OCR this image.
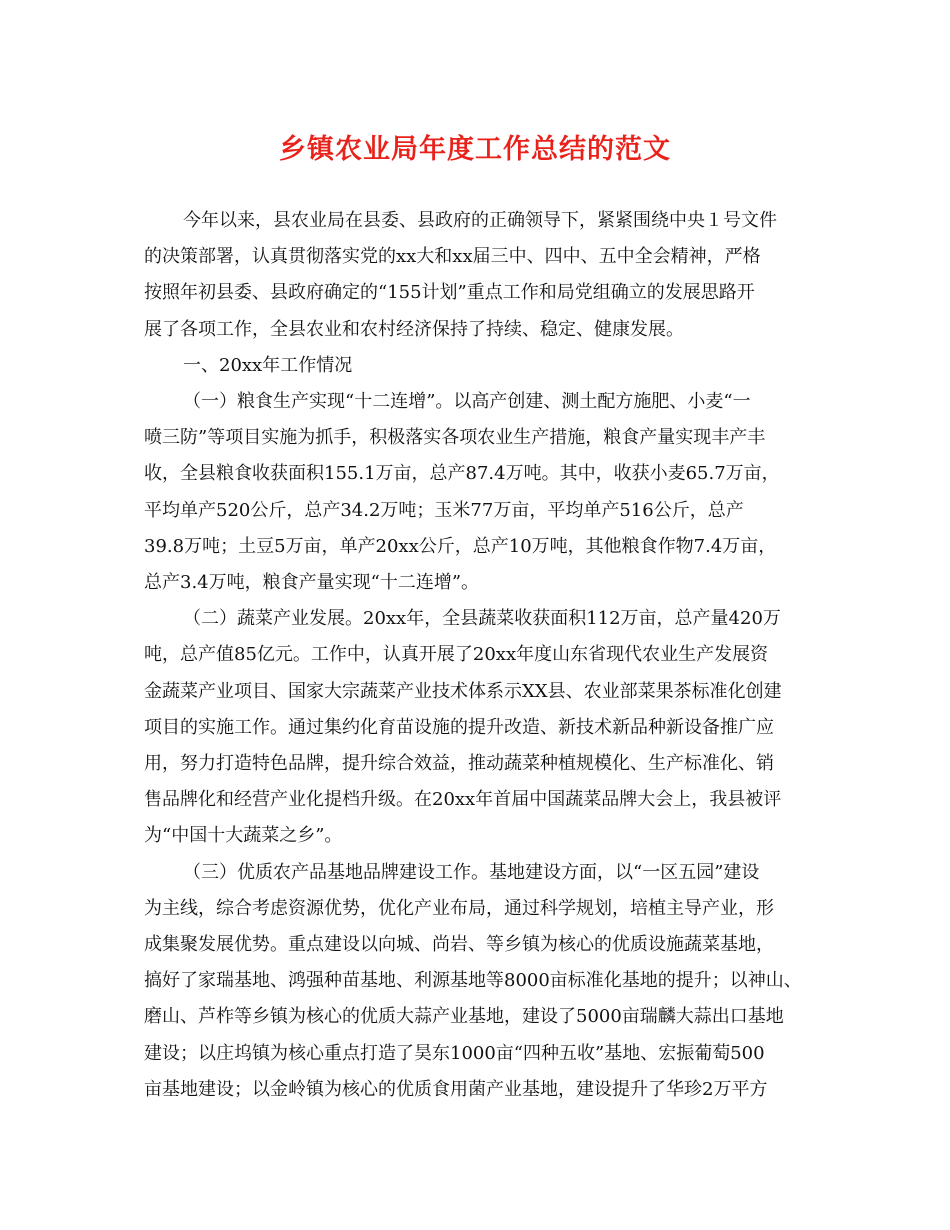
乡镇农业局年度工作总结的范文

今年以来，县农业局在县委、县政府的正确领导下，紧紧围绕中央１号文件
的决策部署，认真贯彻落实党的xx大和xx届三中、四中、五中全会精神，严格
按照年初县委、县政府确定的“155计划”重点工作和局党组确立的发展思路开
展了各项工作，全县农业和农村经济保持了持续、稳定、健康发展。

一、20xx年工作情况

（一）粮食生产实现“十二连增”。以高产创建、测土配方施肥、小麦“一
喷三防”等项目实施为抓手，积极落实各项农业生产措施，粮食产量实现丰产丰
收，全县粮食收获面积155.1万亩，总产87.4万吨。其中，收获小麦65.7万亩，
平均单产520公斤，总产34.2万吨；玉米77万亩，平均单产516公斤，总产
39.8万吨；土豆5万亩，单产20xx公斤，总产10万吨，其他粮食作物7.4万亩，
总产3.4万吨，粮食产量实现“十二连增”。

（二）蔬菜产业发展。20xx年，全县蔬菜收获面积112万亩，总产量420万
吨，总产值85亿元。工作中，认真开展了20xx年度山东省现代农业生产发展资
金蔬菜产业项目、国家大宗蔬菜产业技术体系示XX县、农业部菜果茶标准化创建
项目的实施工作。通过集约化育苗设施的提升改造、新技术新品种新设备推广应
用，努力打造特色品牌，提升综合效益，推动蔬菜种植规模化、生产标准化、销
售品牌化和经营产业化提档升级。在20xx年首届中国蔬菜品牌大会上，我县被评
为“中国十大蔬菜之乡”。

（三）优质农产品基地品牌建设工作。基地建设方面，以“一区五园”建设
为主线，综合考虑资源优势，优化产业布局，通过科学规划，培植主导产业，形
成集聚发展优势。重点建设以向城、尚岩、等乡镇为核心的优质设施蔬菜基地，
搞好了家瑞基地、鸿强种苗基地、利源基地等8000亩标准化基地的提升；以神山、
磨山、芦柞等乡镇为核心的优质大蒜产业基地，建设了5000亩瑞麟大蒜出口基地
建设；以庄坞镇为核心重点打造了昊东1000亩“四种五收”基地、宏振葡萄500
亩基地建设；以金岭镇为核心的优质食用菌产业基地，建设提升了华珍2万平方
